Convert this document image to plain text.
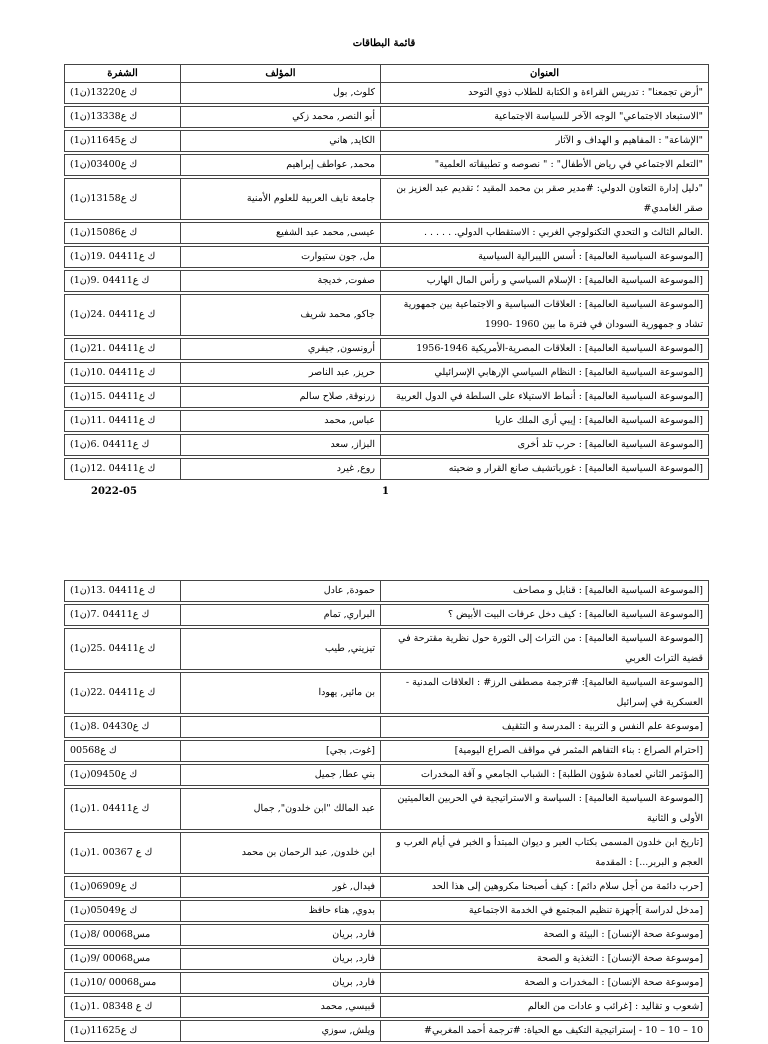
قائمة البطاقات
العنوان	المؤلف	الشفرة
"أرض تجمعنا" : تدريس القراءة و الكتابة للطلاب ذوي التوحد	كلوث, بول	ك ع13220(ن1)

"الاستبعاد الاجتماعي" الوجه الآخر للسياسة الاجتماعية	أبو النصر, محمد زكي	ك ع13338(ن1)

"الإشاعة" : المفاهيم و الهداف و الآثار	الكايد, هاني	ك ع11645(ن1)

"التعلم الاجتماعي في رياض الأطفال" : " نصوصه و تطبيقاته العلمية"	محمد, عواطف إبراهيم	ك ع03400(ن1)

"دليل إدارة التعاون الدولي: #مدير صقر بن محمد المقيد ؛ تقديم عبد العزيز بن صقر الغامدي#	جامعة نايف العربية للعلوم الأمنية	ك ع13158(ن1)

.العالم الثالث و التحدي التكنولوجي الغربي : الاستقطاب الدولي. . . . . .	عيسى, محمد عبد الشفيع	ك ع15086(ن1)

[الموسوعة السياسية العالمية] : أسس الليبرالية السياسية	مل, جون ستيوارت	ك ع04411 .19(ن1)

[الموسوعة السياسية العالمية] : الإسلام السياسي و رأس المال الهارب	صفوت, خديجة	ك ع04411 .9(ن1)

[الموسوعة السياسية العالمية] : العلاقات السياسية و الاجتماعية بين جمهورية تشاد و جمهورية السودان في فترة ما بين 1960 -1990	جاكو, محمد شريف	ك ع04411 .24(ن1)

[الموسوعة السياسية العالمية] : العلاقات المصرية-الأمريكية 1946-1956	أرونسون, جيفري	ك ع04411 .21(ن1)

[الموسوعة السياسية العالمية] : النظام السياسي الإرهابي الإسرائيلي	حريز, عبد الناصر	ك ع04411 .10(ن1)

[الموسوعة السياسية العالمية] : أنماط الاستيلاء على السلطة في الدول العربية	زرنوقة, صلاح سالم	ك ع04411 .15(ن1)

[الموسوعة السياسية العالمية] : إيبي أرى الملك عاريا	عباس, محمد	ك ع04411 .11(ن1)

[الموسوعة السياسية العالمية] : حرب تلد أخرى	البزاز, سعد	ك ع04411 .6(ن1)

[الموسوعة السياسية العالمية] : غورباتشيف صانع القرار و ضحيته	روع, غيرد	ك ع04411 .12(ن1)

1
2022-05
[الموسوعة السياسية العالمية] : قنابل و مصاحف	حمودة, عادل	ك ع04411 .13(ن1)

[الموسوعة السياسية العالمية] : كيف دخل عرفات البيت الأبيض ؟	البراري, تمام	ك ع04411 .7(ن1)

[الموسوعة السياسية العالمية] : من التراث إلى الثورة حول نظرية مقترحة في قضية التراث العربي	تيزيني, طيب	ك ع04411 .25(ن1)

[الموسوعة السياسية العالمية]: #ترجمة مصطفى الرز# : العلاقات المدنية - العسكرية في إسرائيل	بن مائير, يهودا	ك ع04411 .22(ن1)

[موسوعة علم النفس و التربية : المدرسة و التثقيف		ك ع04430 .8(ن1)

[احترام الصراع : بناء التفاهم المثمر في مواقف الصراع اليومية]	[غوت, بجي]	ك ع00568

[المؤتمر الثاني لعمادة شؤون الطلبة] : الشباب الجامعي و آفة المخدرات	بني عطا, جميل	ك ع09450(ن1)

[الموسوعة السياسية العالمية] : السياسة و الاستراتيجية في الحربين العالميتين الأولى و الثانية	عبد المالك "ابن خلدون", جمال	ك ع04411 .1(ن1)

[تاريخ ابن خلدون المسمى بكتاب العبر و ديوان المبتدأ و الخبر في أيام العرب و العجم و البربر...] : المقدمة	ابن خلدون, عبد الرحمان بن محمد	ك ع 00367 .1(ن1)

[حرب دائمة من أجل سلام دائم] : كيف أصبحنا مكروهين إلى هذا الحد	فيدال, غور	ك ع06909(ن1)

[مدخل لدراسة ]أجهزة تنظيم المجتمع في الخدمة الاجتماعية	بدوي, هناء حافظ	ك ع05049(ن1)

[موسوعة صحة الإنسان] : البيئة و الصحة	فارد, بريان	مس00068 /8(ن1)

[موسوعة صحة الإنسان] : التغذية و الصحة	فارد, بريان	مس00068 /9(ن1)

[موسوعة صحة الإنسان] : المخدرات و الصحة	فارد, بريان	مس00068 /10(ن1)

[شعوب و تقاليد : [غرائب و عادات من العالم	قبيسي, محمد	ك ع 08348 .1(ن1)

10 – 10 – 10 - إستراتيجية التكيف مع الحياة: #ترجمة أحمد المغربي#	ويلش, سوزي	ك ع11625(ن1)
